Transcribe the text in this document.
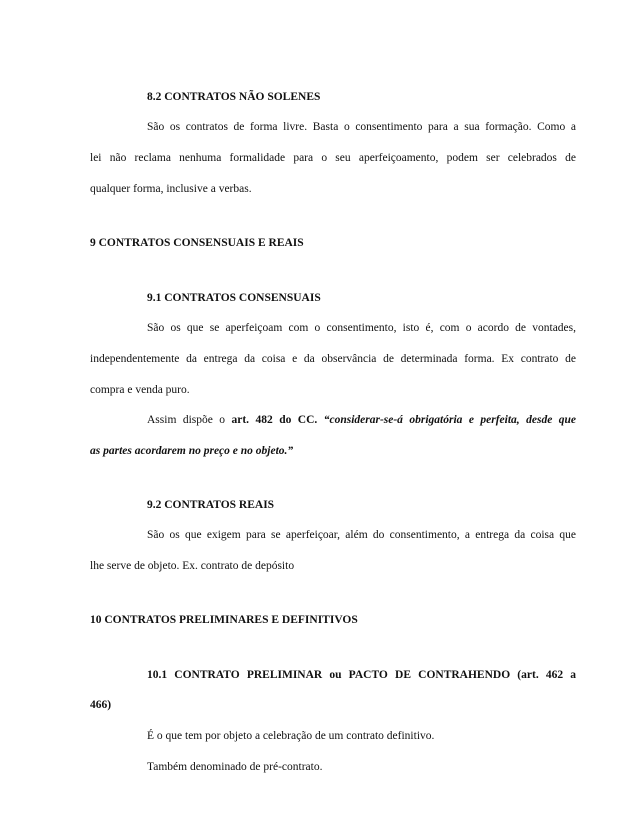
8.2 CONTRATOS NÃO SOLENES
São os contratos de forma livre. Basta o consentimento para a sua formação. Como a
lei não reclama nenhuma formalidade para o seu aperfeiçoamento, podem ser celebrados de
qualquer forma, inclusive a verbas.
9 CONTRATOS CONSENSUAIS E REAIS
9.1 CONTRATOS CONSENSUAIS
São os que se aperfeiçoam com o consentimento, isto é, com o acordo de vontades,
independentemente da entrega da coisa e da observância de determinada forma. Ex contrato de
compra e venda puro.
Assim dispõe o art. 482 do CC. “considerar-se-á obrigatória e perfeita, desde que
as partes acordarem no preço e no objeto.”
9.2 CONTRATOS REAIS
São os que exigem para se aperfeiçoar, além do consentimento, a entrega da coisa que
lhe serve de objeto. Ex. contrato de depósito
10 CONTRATOS PRELIMINARES E DEFINITIVOS
10.1 CONTRATO PRELIMINAR ou PACTO DE CONTRAHENDO (art. 462 a
466)
É o que tem por objeto a celebração de um contrato definitivo.
Também denominado de pré-contrato.
